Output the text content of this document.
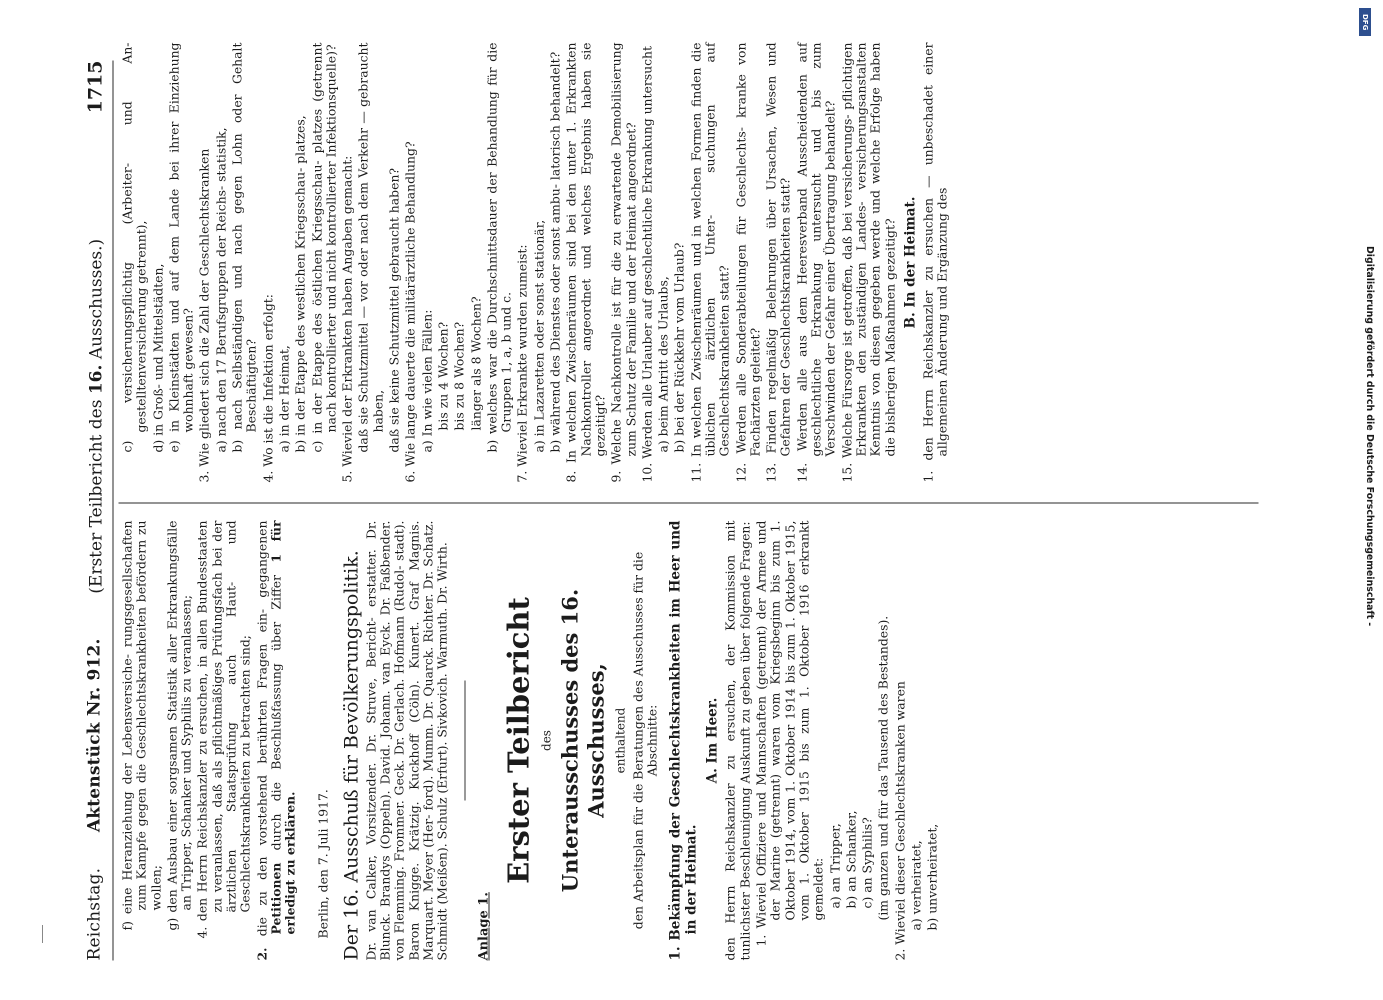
Digitalisierung gefördert durch die Deutsche Forschungsgemeinschaft -
DFG
Reichstag. Aktenstück Nr. 912.
(Erster Teilbericht des 16. Ausschusses.) 1715

f) eine Heranziehung der Lebensversiche- rungsgesellschaften zum Kampfe gegen die Geschlechtskrankheiten befördern zu wollen; g) den Ausbau einer sorgsamen Statistik aller Erkrankungsfälle an Tripper, Schanker und Syphilis zu veranlassen; 4. den Herrn Reichskanzler zu ersuchen, in allen Bundesstaaten zu veranlassen, daß als pflichtmäßiges Prüfungsfach bei der ärztlichen Staatsprüfung auch Haut- und Geschlechtskrankheiten zu betrachten sind;

2. die zu den vorstehend berührten Fragen ein- gegangenen Petitionen durch die Beschlußfassung über Ziffer 1 für erledigt zu erklären. Berlin, den 7. Juli 1917. Der 16. Ausschuß für Bevölkerungspolitik. Dr. van Calker, Vorsitzender. Dr. Struve, Bericht- erstatter. Dr. Blunck. Brandys (Oppeln). David. Johann. van Eyck. Dr. Faßbender. von Flemming. Frommer. Geck. Dr. Gerlach. Hofmann (Rudol- stadt). Baron Knigge. Krätzig. Kuckhoff (Cöln). Kunert. Graf Magnis. Marquart. Meyer (Her- ford). Mumm. Dr. Quarck. Richter. Dr. Schatz. Schmidt (Meißen). Schulz (Erfurt). Sivkovich. Warmuth. Dr. Wirth. Anlage 1.

Erster Teilbericht des Unterausschusses des 16. Ausschusses, enthaltend den Arbeitsplan für die Beratungen des Ausschusses für die Abschnitte:

1. Bekämpfung der Geschlechtskrankheiten im Heer und in der Heimat.

A. Im Heer. den Herrn Reichskanzler zu ersuchen, der Kommission mit tunlichster Beschleunigung Auskunft zu geben über folgende Fragen: 1. Wieviel Offiziere und Mannschaften (getrennt) der Armee und der Marine (getrennt) waren vom Kriegsbeginn bis zum 1. Oktober 1914, vom 1. Oktober 1914 bis zum 1. Oktober 1915, vom 1. Oktober 1915 bis zum 1. Oktober 1916 erkrankt gemeldet: a) an Tripper, b) an Schanker, c) an Syphilis? (im ganzen und für das Tausend des Bestandes). 2. Wieviel dieser Geschlechtskranken waren a) verheiratet, b) unverheiratet,

c) versicherungspflichtig (Arbeiter- und An- gestelltenversicherung getrennt), d) in Groß- und Mittelstädten, e) in Kleinstädten und auf dem Lande bei ihrer Einziehung wohnhaft gewesen? 3. Wie gliedert sich die Zahl der Geschlechtskranken a) nach den 17 Berufsgruppen der Reichs- statistik, b) nach Selbständigen und nach gegen Lohn oder Gehalt Beschäftigten? 4. Wo ist die Infektion erfolgt: a) in der Heimat, b) in der Etappe des westlichen Kriegsschau- platzes, c) in der Etappe des östlichen Kriegsschau- platzes (getrennt nach kontrollierter und nicht kontrollierter Infektionsquelle)? 5. Wieviel der Erkrankten haben Angaben gemacht: daß sie Schutzmittel — vor oder nach dem Verkehr — gebraucht haben, daß sie keine Schutzmittel gebraucht haben? 6. Wie lange dauerte die militärärztliche Behandlung? a) In wie vielen Fällen: bis zu 4 Wochen? bis zu 8 Wochen? länger als 8 Wochen? b) welches war die Durchschnittsdauer der Behandlung für die Gruppen 1, a, b und c. 7. Wieviel Erkrankte wurden zumeist: a) in Lazaretten oder sonst stationär, b) während des Dienstes oder sonst ambu- latorisch behandelt? 8. In welchen Zwischenräumen sind bei den unter 1. Erkrankten Nachkontroller angeordnet und welches Ergebnis haben sie gezeitigt? 9. Welche Nachkontrolle ist für die zu erwartende Demobilisierung zum Schutz der Familie und der Heimat angeordnet? 10. Werden alle Urlauber auf geschlechtliche Erkrankung untersucht a) beim Antritt des Urlaubs, b) bei der Rückkehr vom Urlaub? 11. In welchen Zwischenräumen und in welchen Formen finden die üblichen ärztlichen Unter- suchungen auf Geschlechtskrankheiten statt? 12. Werden alle Sonderabteilungen für Geschlechts- kranke von Fachärzten geleitet? 13. Finden regelmäßig Belehrungen über Ursachen, Wesen und Gefahren der Geschlechtskrankheiten statt? 14. Werden alle aus dem Heeresverband Ausscheidenden auf geschlechtliche Erkrankung untersucht und bis zum Verschwinden der Gefahr einer Übertragung behandelt? 15. Welche Fürsorge ist getroffen, daß bei versicherungs- pflichtigen Erkrankten den zuständigen Landes- versicherungsanstalten Kenntnis von diesen gegeben werde und welche Erfolge haben die bisherigen Maßnahmen gezeitigt? B. In der Heimat. 1. den Herrn Reichskanzler zu ersuchen — unbeschadet einer allgemeinen Änderung und Ergänzung des
